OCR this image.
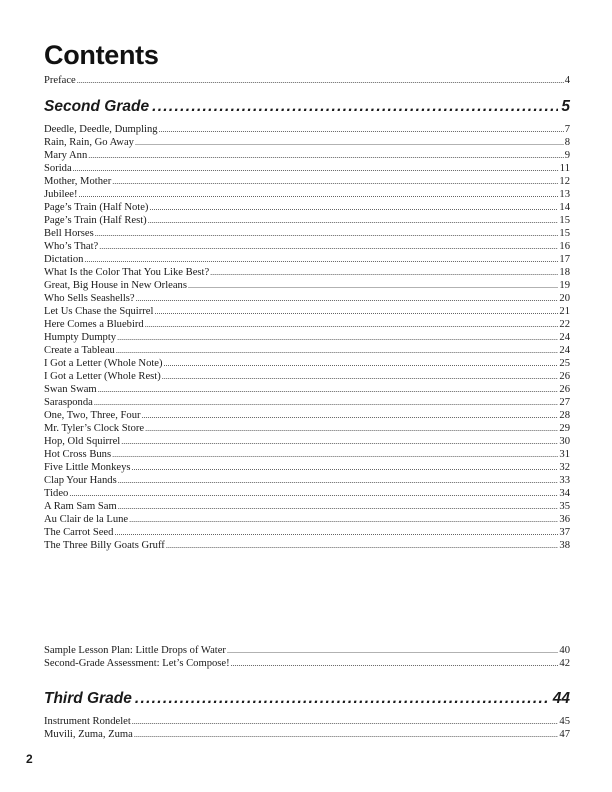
Contents
Preface .....	4
Second Grade .....	5
Deedle, Deedle, Dumpling .....	7
Rain, Rain, Go Away .....	8
Mary Ann .....	9
Sorida .....	11
Mother, Mother .....	12
Jubilee! .....	13
Page’s Train (Half Note) .....	14
Page’s Train (Half Rest) .....	15
Bell Horses .....	15
Who’s That? .....	16
Dictation .....	17
What Is the Color That You Like Best? .....	18
Great, Big House in New Orleans .....	19
Who Sells Seashells? .....	20
Let Us Chase the Squirrel .....	21
Here Comes a Bluebird .....	22
Humpty Dumpty .....	24
Create a Tableau .....	24
I Got a Letter (Whole Note) .....	25
I Got a Letter (Whole Rest) .....	26
Swan Swam .....	26
Sarasponda .....	27
One, Two, Three, Four .....	28
Mr. Tyler’s Clock Store .....	29
Hop, Old Squirrel .....	30
Hot Cross Buns .....	31
Five Little Monkeys .....	32
Clap Your Hands .....	33
Tideo .....	34
A Ram Sam Sam .....	35
Au Clair de la Lune .....	36
The Carrot Seed .....	37
The Three Billy Goats Gruff .....	38
Sample Lesson Plan: Little Drops of Water .....	40
Second-Grade Assessment: Let’s Compose! .....	42
Third Grade .....	44
Instrument Rondelet .....	45
Muvili, Zuma, Zuma .....	47
2
